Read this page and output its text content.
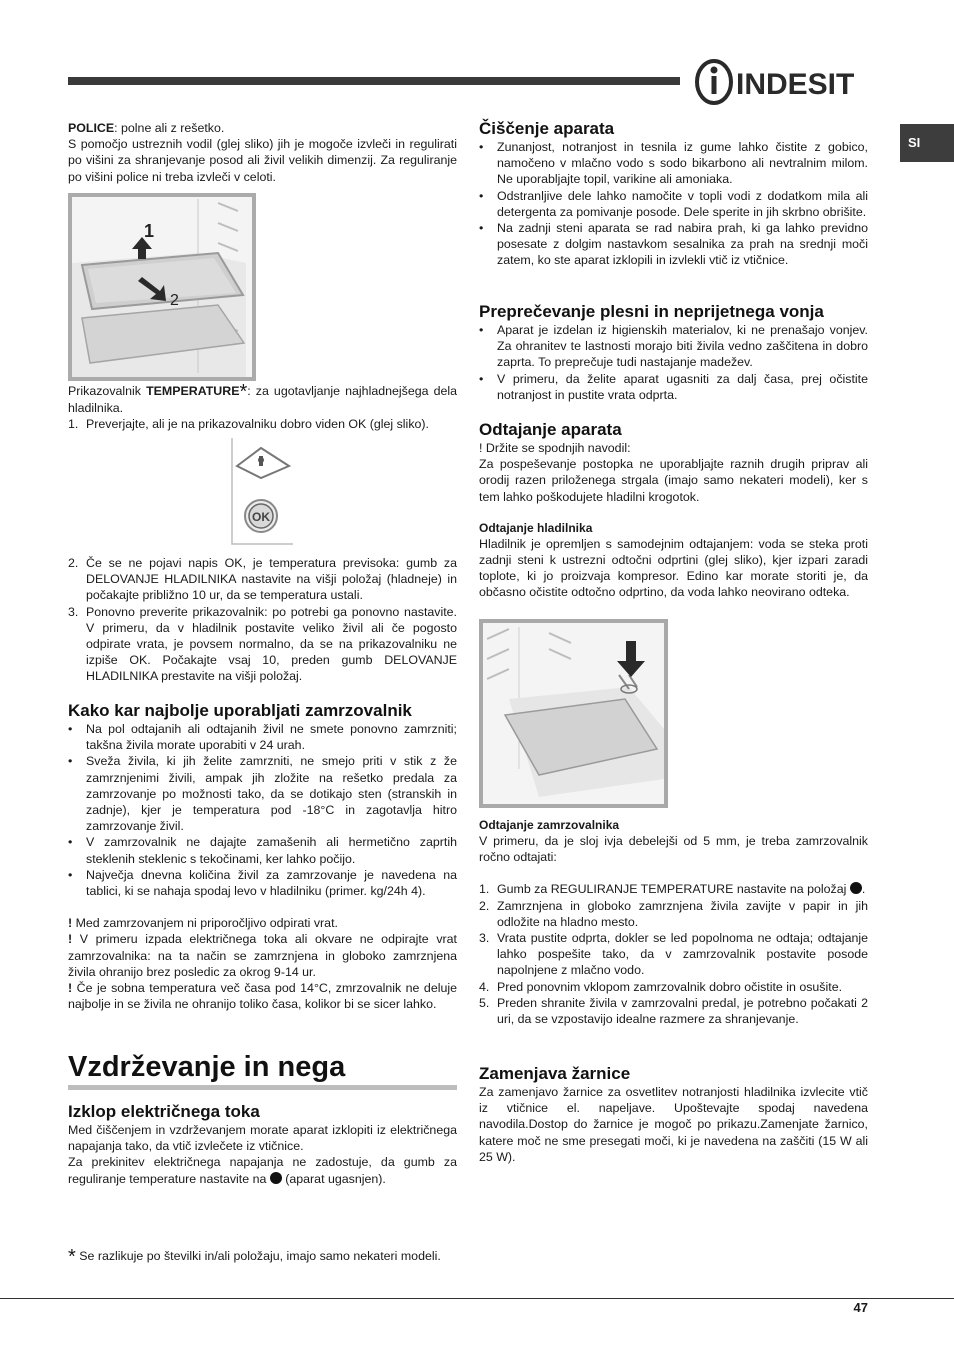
INDESIT
SI

POLICE: polne ali z rešetko.

S pomočjo ustreznih vodil (glej sliko) jih je mogoče izvleči in regulirati po višini za shranjevanje posod ali živil velikih dimenzij. Za reguliranje po višini police ni treba izvleči v celoti.

1
2

Prikazovalnik TEMPERATURE*: za ugotavljanje najhladnejšega dela hladilnika.

1. Preverjajte, ali je na prikazovalniku dobro viden OK (glej sliko).
OK
2. Če se ne pojavi napis OK, je temperatura previsoka: gumb za DELOVANJE HLADILNIKA nastavite na višji položaj (hladneje) in počakajte približno 10 ur, da se temperatura ustali.
3. Ponovno preverite prikazovalnik: po potrebi ga ponovno nastavite. V primeru, da v hladilnik postavite veliko živil ali če pogosto odpirate vrata, je povsem normalno, da se na prikazovalniku ne izpiše OK. Počakajte vsaj 10, preden gumb DELOVANJE HLADILNIKA prestavite na višji položaj.
Kako kar najbolje uporabljati zamrzovalnik
• Na pol odtajanih ali odtajanih živil ne smete ponovno zamrzniti; takšna živila morate uporabiti v 24 urah.
• Sveža živila, ki jih želite zamrzniti, ne smejo priti v stik z že zamrznjenimi živili, ampak jih zložite na rešetko predala za zamrzovanje po možnosti tako, da se dotikajo sten (stranskih in zadnje), kjer je temperatura pod -18°C in zagotavlja hitro zamrzovanje živil.
• V zamrzovalnik ne dajajte zamašenih ali hermetično zaprtih steklenih steklenic s tekočinami, ker lahko počijo.
• Največja dnevna količina živil za zamrzovanje je navedena na tablici, ki se nahaja spodaj levo v hladilniku (primer. kg/24h 4).

! Med zamrzovanjem ni priporočljivo odpirati vrat.

! V primeru izpada električnega toka ali okvare ne odpirajte vrat zamrzovalnika: na ta način se zamrznjena in globoko zamrznjena živila ohranijo brez posledic za okrog 9-14 ur.

! Če je sobna temperatura več časa pod 14°C, zmrzovalnik ne deluje najbolje in se živila ne ohranijo toliko časa, kolikor bi se sicer lahko.

Vzdrževanje in nega
Izklop električnega toka

Med čiščenjem in vzdrževanjem morate aparat izklopiti iz električnega napajanja tako, da vtič izvlečete iz vtičnice.

Za prekinitev električnega napajanja ne zadostuje, da gumb za reguliranje temperature nastavite na  (aparat ugasnjen).

* Se razlikuje po številki in/ali položaju, imajo samo nekateri modeli.

Čiščenje aparata
• Zunanjost, notranjost in tesnila iz gume lahko čistite z gobico, namočeno v mlačno vodo s sodo bikarbono ali nevtralnim milom. Ne uporabljajte topil, varikine ali amoniaka.
• Odstranljive dele lahko namočite v topli vodi z dodatkom mila ali detergenta za pomivanje posode. Dele sperite in jih skrbno obrišite.
• Na zadnji steni aparata se rad nabira prah, ki ga lahko previdno posesate z dolgim nastavkom sesalnika za prah na srednji moči zatem, ko ste aparat izklopili in izvlekli vtič iz vtičnice.
Preprečevanje plesni in neprijetnega vonja
• Aparat je izdelan iz higienskih materialov, ki ne prenašajo vonjev. Za ohranitev te lastnosti morajo biti živila vedno zaščitena in dobro zaprta. To preprečuje tudi nastajanje madežev.
• V primeru, da želite aparat ugasniti za dalj časa, prej očistite notranjost in pustite vrata odprta.
Odtajanje aparata

! Držite se spodnjih navodil:

Za pospeševanje postopka ne uporabljajte raznih drugih priprav ali orodij razen priloženega strgala (imajo samo nekateri modeli), ker s tem lahko poškodujete hladilni krogotok.

Odtajanje hladilnika

Hladilnik je opremljen s samodejnim odtajanjem: voda se steka proti zadnji steni k ustrezni odtočni odprtini (glej sliko), kjer izpari zaradi toplote, ki jo proizvaja kompresor. Edino kar morate storiti je, da občasno očistite odtočno odprtino, da voda lahko neovirano odteka.

Odtajanje zamrzovalnika

V primeru, da je sloj ivja debelejši od 5 mm, je treba zamrzovalnik ročno odtajati:

1. Gumb za REGULIRANJE TEMPERATURE nastavite na položaj .
2. Zamrznjena in globoko zamrznjena živila zavijte v papir in jih odložite na hladno mesto.
3. Vrata pustite odprta, dokler se led popolnoma ne odtaja; odtajanje lahko pospešite tako, da v zamrzovalnik postavite posode napolnjene z mlačno vodo.
4. Pred ponovnim vklopom zamrzovalnik dobro očistite in osušite.
5. Preden shranite živila v zamrzovalni predal, je potrebno počakati 2 uri, da se vzpostavijo idealne razmere za shranjevanje.
Zamenjava žarnice

Za zamenjavo žarnice za osvetlitev notranjosti hladilnika izvlecite vtič iz vtičnice el. napeljave. Upoštevajte spodaj navedena navodila.Dostop do žarnice je mogoč po prikazu.Zamenjate žarnico, katere moč ne sme presegati moči, ki je navedena na zaščiti (15 W ali 25 W).

47
